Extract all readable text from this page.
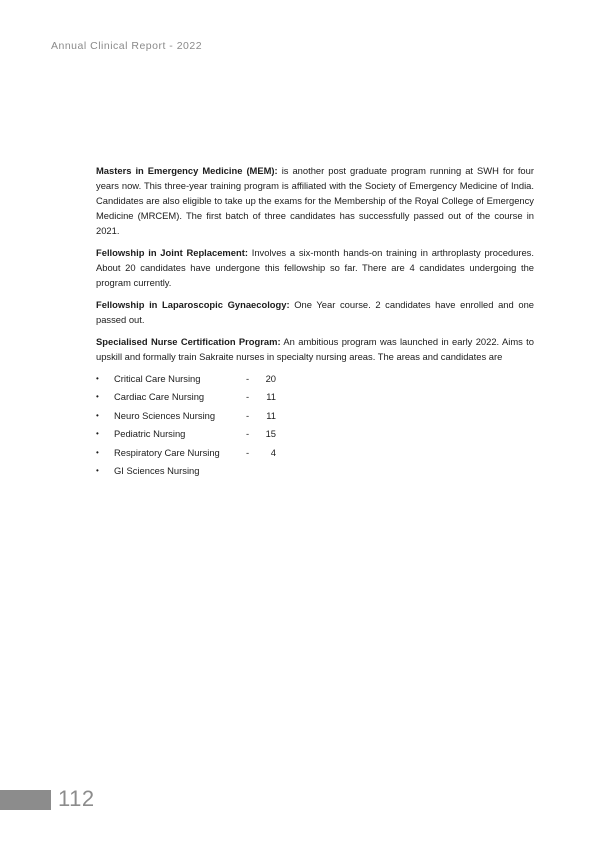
Annual Clinical Report - 2022

Masters in Emergency Medicine (MEM): is another post graduate program running at SWH for four years now. This three-year training program is affiliated with the Society of Emergency Medicine of India. Candidates are also eligible to take up the exams for the Membership of the Royal College of Emergency Medicine (MRCEM). The first batch of three candidates has successfully passed out of the course in 2021.

Fellowship in Joint Replacement: Involves a six-month hands-on training in arthroplasty procedures. About 20 candidates have undergone this fellowship so far. There are 4 candidates undergoing the program currently.

Fellowship in Laparoscopic Gynaecology: One Year course. 2 candidates have enrolled and one passed out.

Specialised Nurse Certification Program: An ambitious program was launched in early 2022. Aims to upskill and formally train Sakraite nurses in specialty nursing areas. The areas and candidates are

• Critical Care Nursing	-	20
• Cardiac Care Nursing	-	11
• Neuro Sciences Nursing	-	11
• Pediatric Nursing	-	15
• Respiratory Care Nursing	-	4
• GI Sciences Nursing
112
